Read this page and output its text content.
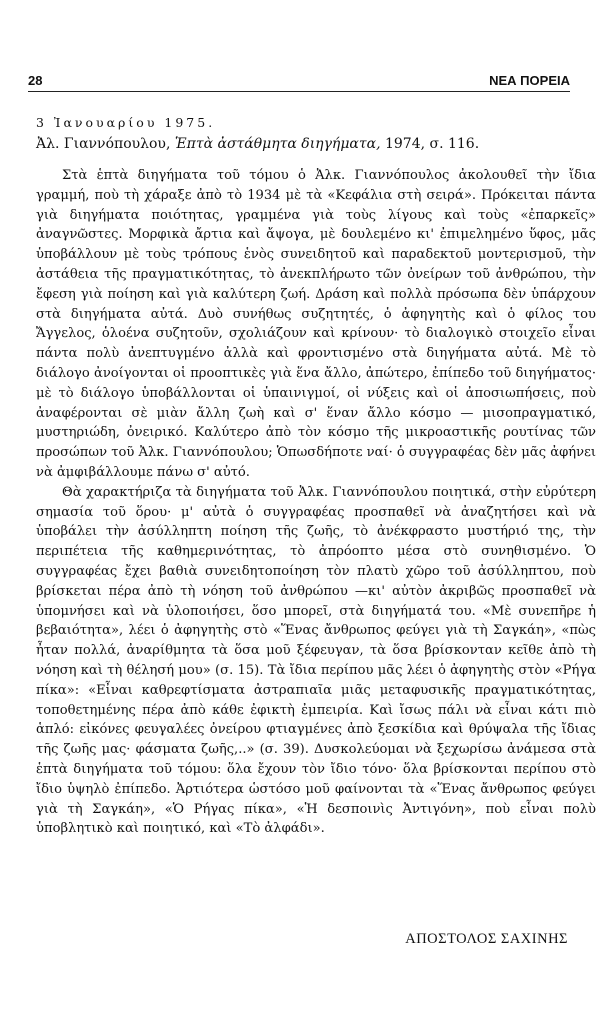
28	ΝΕΑ ΠΟΡΕΙΑ
3 Ἰανουαρίου 1975.
Ἀλ. Γιαννόπουλου, Ἑπτὰ ἀστάθμητα διηγήματα, 1974, σ. 116.

Στὰ ἑπτὰ διηγήματα τοῦ τόμου ὁ Ἀλκ. Γιαννόπουλος ἀκολουθεῖ τὴν ἴδια γραμμή, ποὺ τὴ χάραξε ἀπὸ τὸ 1934 μὲ τὰ «Κεφάλια στὴ σειρά». Πρόκειται πάντα γιὰ διηγήματα ποιότητας, γραμμένα γιὰ τοὺς λίγους καὶ τοὺς «ἐπαρκεῖς» ἀναγνῶστες. Μορφικὰ ἄρτια καὶ ἄψογα, μὲ δουλεμένο κι' ἐπιμελημένο ὕφος, μᾶς ὑποβάλλουν μὲ τοὺς τρόπους ἑνὸς συνειδητοῦ καὶ παραδεκτοῦ μοντερισμοῦ, τὴν ἀστάθεια τῆς πραγματικότητας, τὸ ἀνεκπλήρωτο τῶν ὀνείρων τοῦ ἀνθρώπου, τὴν ἔφεση γιὰ ποίηση καὶ γιὰ καλύτερη ζωή. Δράση καὶ πολλὰ πρόσωπα δὲν ὑπάρχουν στὰ διηγήματα αὐτά. Δυὸ συνήθως συζητητές, ὁ ἀφηγητὴς καὶ ὁ φίλος του Ἄγγελος, ὁλοένα συζητοῦν, σχολιάζουν καὶ κρίνουν· τὸ διαλογικὸ στοιχεῖο εἶναι πάντα πολὺ ἀνεπτυγμένο ἀλλὰ καὶ φροντισμένο στὰ διηγήματα αὐτά. Μὲ τὸ διάλογο ἀνοίγονται οἱ προοπτικὲς γιὰ ἕνα ἄλλο, ἀπώτερο, ἐπίπεδο τοῦ διηγήματος· μὲ τὸ διάλογο ὑποβάλλονται οἱ ὑπαινιγμοί, οἱ νύξεις καὶ οἱ ἀποσιωπήσεις, ποὺ ἀναφέρονται σὲ μιὰν ἄλλη ζωὴ καὶ σ' ἕναν ἄλλο κόσμο — μισοπραγματικό, μυστηριώδη, ὀνειρικό. Καλύτερο ἀπὸ τὸν κόσμο τῆς μικροαστικῆς ρουτίνας τῶν προσώπων τοῦ Ἀλκ. Γιαννόπουλου; Ὁπωσδήποτε ναί· ὁ συγγραφέας δὲν μᾶς ἀφήνει νὰ ἀμφιβάλλουμε πάνω σ' αὐτό.

Θὰ χαρακτήριζα τὰ διηγήματα τοῦ Ἀλκ. Γιαννόπουλου ποιητικά, στὴν εὐρύτερη σημασία τοῦ ὅρου· μ' αὐτὰ ὁ συγγραφέας προσπαθεῖ νὰ ἀναζητήσει καὶ νὰ ὑποβάλει τὴν ἀσύλληπτη ποίηση τῆς ζωῆς, τὸ ἀνέκφραστο μυστήριό της, τὴν περιπέτεια τῆς καθημερινότητας, τὸ ἀπρόοπτο μέσα στὸ συνηθισμένο. Ὁ συγγραφέας ἔχει βαθιὰ συνειδητοποίηση τὸν πλατὺ χῶρο τοῦ ἀσύλληπτου, ποὺ βρίσκεται πέρα ἀπὸ τὴ νόηση τοῦ ἀνθρώπου —κι' αὐτὸν ἀκριβῶς προσπαθεῖ νὰ ὑπομνήσει καὶ νὰ ὑλοποιήσει, ὅσο μπορεῖ, στὰ διηγήματά του. «Μὲ συνεπῆρε ἡ βεβαιότητα», λέει ὁ ἀφηγητὴς στὸ «Ἕνας ἄνθρωπος φεύγει γιὰ τὴ Σαγκάη», «πὼς ἦταν πολλά, ἀναρίθμητα τὰ ὅσα μοῦ ξέφευγαν, τὰ ὅσα βρίσκονταν κεῖθε ἀπὸ τὴ νόηση καὶ τὴ θέλησή μου» (σ. 15). Τὰ ἴδια περίπου μᾶς λέει ὁ ἀφηγητὴς στὸν «Ρήγα πίκα»: «Εἶναι καθρεφτίσματα ἀστραπιαῖα μιᾶς μεταφυσικῆς πραγματικότητας, τοποθετημένης πέρα ἀπὸ κάθε ἐφικτὴ ἐμπειρία. Καὶ ἴσως πάλι νὰ εἶναι κάτι πιὸ ἁπλό: εἰκόνες φευγαλέες ὀνείρου φτιαγμένες ἀπὸ ξεσκίδια καὶ θρύψαλα τῆς ἴδιας τῆς ζωῆς μας· φάσματα ζωῆς,..» (σ. 39). Δυσκολεύομαι νὰ ξεχωρίσω ἀνάμεσα στὰ ἑπτὰ διηγήματα τοῦ τόμου: ὅλα ἔχουν τὸν ἴδιο τόνο· ὅλα βρίσκονται περίπου στὸ ἴδιο ὑψηλὸ ἐπίπεδο. Ἀρτιότερα ὡστόσο μοῦ φαίνονται τὰ «Ἕνας ἄνθρωπος φεύγει γιὰ τὴ Σαγκάη», «Ὁ Ρήγας πίκα», «Ἡ δεσποινὶς Ἀντιγόνη», ποὺ εἶναι πολὺ ὑποβλητικὸ καὶ ποιητικό, καὶ «Τὸ ἀλφάδι».

ΑΠΟΣΤΟΛΟΣ ΣΑΧΙΝΗΣ
